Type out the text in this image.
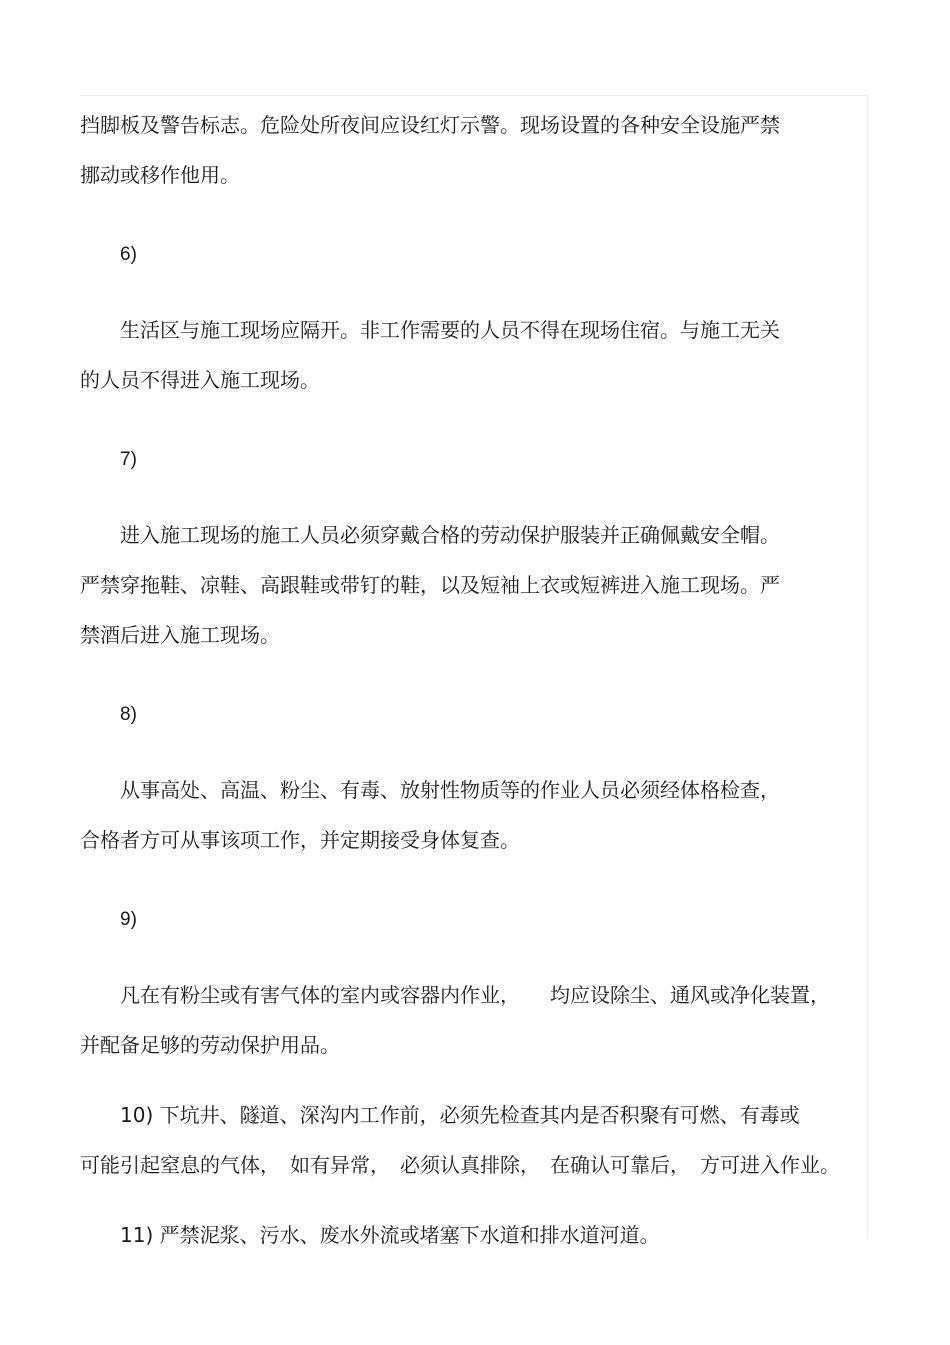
挡脚板及警告标志。危险处所夜间应设红灯示警。现场设置的各种安全设施严禁
挪动或移作他用。

6)

生活区与施工现场应隔开。非工作需要的人员不得在现场住宿。与施工无关
的人员不得进入施工现场。

7)

进入施工现场的施工人员必须穿戴合格的劳动保护服装并正确佩戴安全帽。
严禁穿拖鞋、凉鞋、高跟鞋或带钉的鞋，以及短袖上衣或短裤进入施工现场。严
禁酒后进入施工现场。

8)

从事高处、高温、粉尘、有毒、放射性物质等的作业人员必须经体格检查，
合格者方可从事该项工作，并定期接受身体复查。

9)

凡在有粉尘或有害气体的室内或容器内作业，　　均应设除尘、通风或净化装置，
并配备足够的劳动保护用品。

10) 下坑井、隧道、深沟内工作前，必须先检查其内是否积聚有可燃、有毒或
可能引起窒息的气体，　如有异常，　必须认真排除，　在确认可靠后，　方可进入作业。

11) 严禁泥浆、污水、废水外流或堵塞下水道和排水道河道。
